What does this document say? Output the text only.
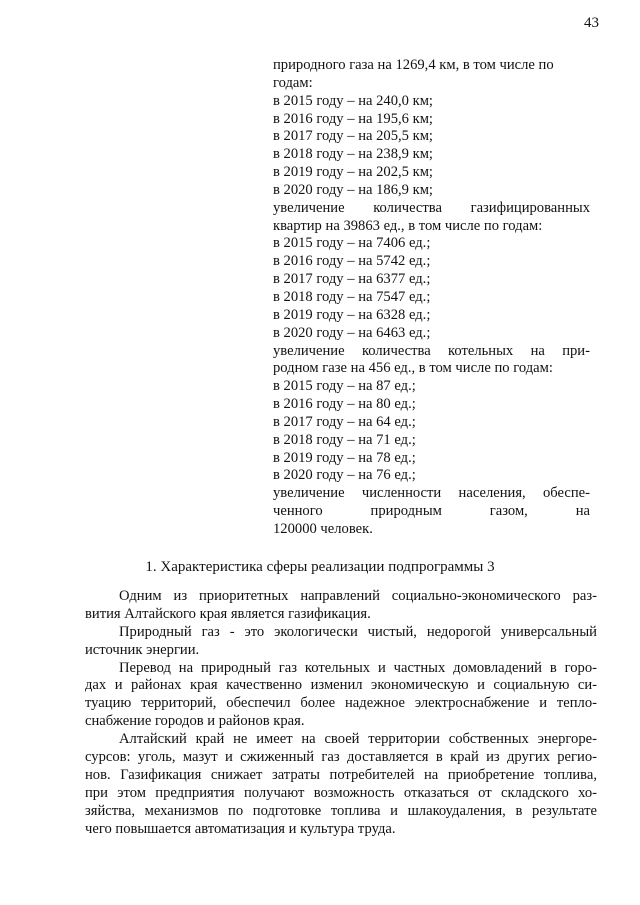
43
природного газа на 1269,4 км, в том числе по
годам:
в 2015 году – на 240,0 км;
в 2016 году – на 195,6 км;
в 2017 году – на 205,5 км;
в 2018 году – на 238,9 км;
в 2019 году – на 202,5 км;
в 2020 году – на 186,9 км;
увеличение количества газифицированных
квартир на 39863 ед., в том числе по годам:
в 2015 году – на 7406 ед.;
в 2016 году – на 5742 ед.;
в 2017 году – на 6377 ед.;
в 2018 году – на 7547 ед.;
в 2019 году – на 6328 ед.;
в 2020 году – на 6463 ед.;
увеличение количества котельных на при-
родном газе на 456 ед., в том числе по годам:
в 2015 году – на 87 ед.;
в 2016 году – на 80 ед.;
в 2017 году – на 64 ед.;
в 2018 году – на 71 ед.;
в 2019 году – на 78 ед.;
в 2020 году – на 76 ед.;
увеличение численности населения, обеспе-
ченного	природным	газом,	на
120000 человек.
1. Характеристика сферы реализации подпрограммы 3

Одним из приоритетных направлений социально-экономического раз-
вития Алтайского края является газификация.

Природный газ - это экологически чистый, недорогой универсальный
источник энергии.

Перевод на природный газ котельных и частных домовладений в горо-
дах и районах края качественно изменил экономическую и социальную си-
туацию территорий, обеспечил более надежное электроснабжение и тепло-
снабжение городов и районов края.

Алтайский край не имеет на своей территории собственных энергоре-
сурсов: уголь, мазут и сжиженный газ доставляется в край из других регио-
нов. Газификация снижает затраты потребителей на приобретение топлива,
при этом предприятия получают возможность отказаться от складского хо-
зяйства, механизмов по подготовке топлива и шлакоудаления, в результате
чего повышается автоматизация и культура труда.
